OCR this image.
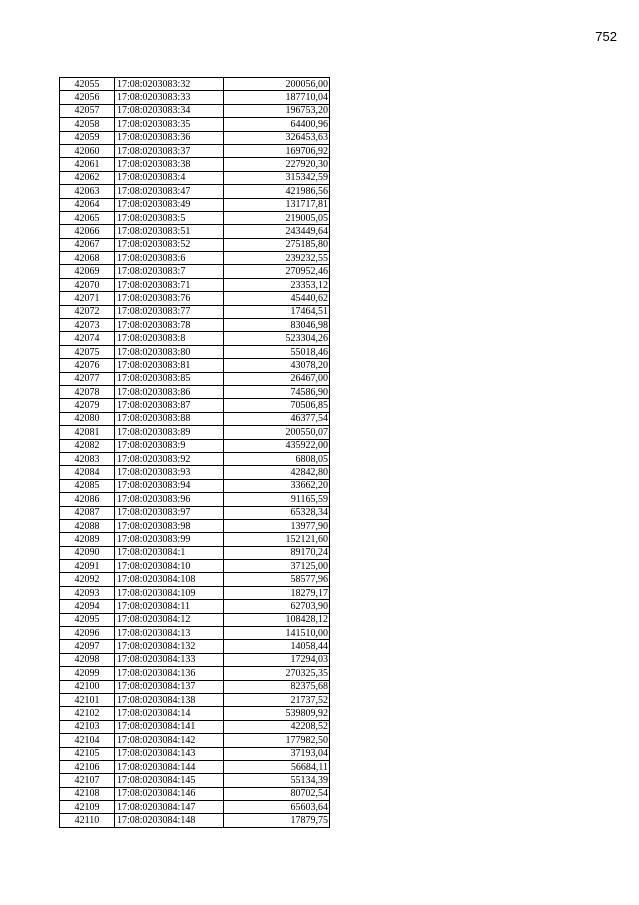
752
42055	17:08:0203083:32	200056,00
42056	17:08:0203083:33	187710,04
42057	17:08:0203083:34	196753,20
42058	17:08:0203083:35	64400,96
42059	17:08:0203083:36	326453,63
42060	17:08:0203083:37	169706,92
42061	17:08:0203083:38	227920,30
42062	17:08:0203083:4	315342,59
42063	17:08:0203083:47	421986,56
42064	17:08:0203083:49	131717,81
42065	17:08:0203083:5	219005,05
42066	17:08:0203083:51	243449,64
42067	17:08:0203083:52	275185,80
42068	17:08:0203083:6	239232,55
42069	17:08:0203083:7	270952,46
42070	17:08:0203083:71	23353,12
42071	17:08:0203083:76	45440,62
42072	17:08:0203083:77	17464,51
42073	17:08:0203083:78	83046,98
42074	17:08:0203083:8	523304,26
42075	17:08:0203083:80	55018,46
42076	17:08:0203083:81	43078,20
42077	17:08:0203083:85	26467,00
42078	17:08:0203083:86	74586,90
42079	17:08:0203083:87	70506,85
42080	17:08:0203083:88	46377,54
42081	17:08:0203083:89	200550,07
42082	17:08:0203083:9	435922,00
42083	17:08:0203083:92	6808,05
42084	17:08:0203083:93	42842,80
42085	17:08:0203083:94	33662,20
42086	17:08:0203083:96	91165,59
42087	17:08:0203083:97	65328,34
42088	17:08:0203083:98	13977,90
42089	17:08:0203083:99	152121,60
42090	17:08:0203084:1	89170,24
42091	17:08:0203084:10	37125,00
42092	17:08:0203084:108	58577,96
42093	17:08:0203084:109	18279,17
42094	17:08:0203084:11	62703,90
42095	17:08:0203084:12	108428,12
42096	17:08:0203084:13	141510,00
42097	17:08:0203084:132	14058,44
42098	17:08:0203084:133	17294,03
42099	17:08:0203084:136	270325,35
42100	17:08:0203084:137	82375,68
42101	17:08:0203084:138	21737,52
42102	17:08:0203084:14	539809,92
42103	17:08:0203084:141	42208,52
42104	17:08:0203084:142	177982,50
42105	17:08:0203084:143	37193,04
42106	17:08:0203084:144	56684,11
42107	17:08:0203084:145	55134,39
42108	17:08:0203084:146	80702,54
42109	17:08:0203084:147	65603,64
42110	17:08:0203084:148	17879,75
